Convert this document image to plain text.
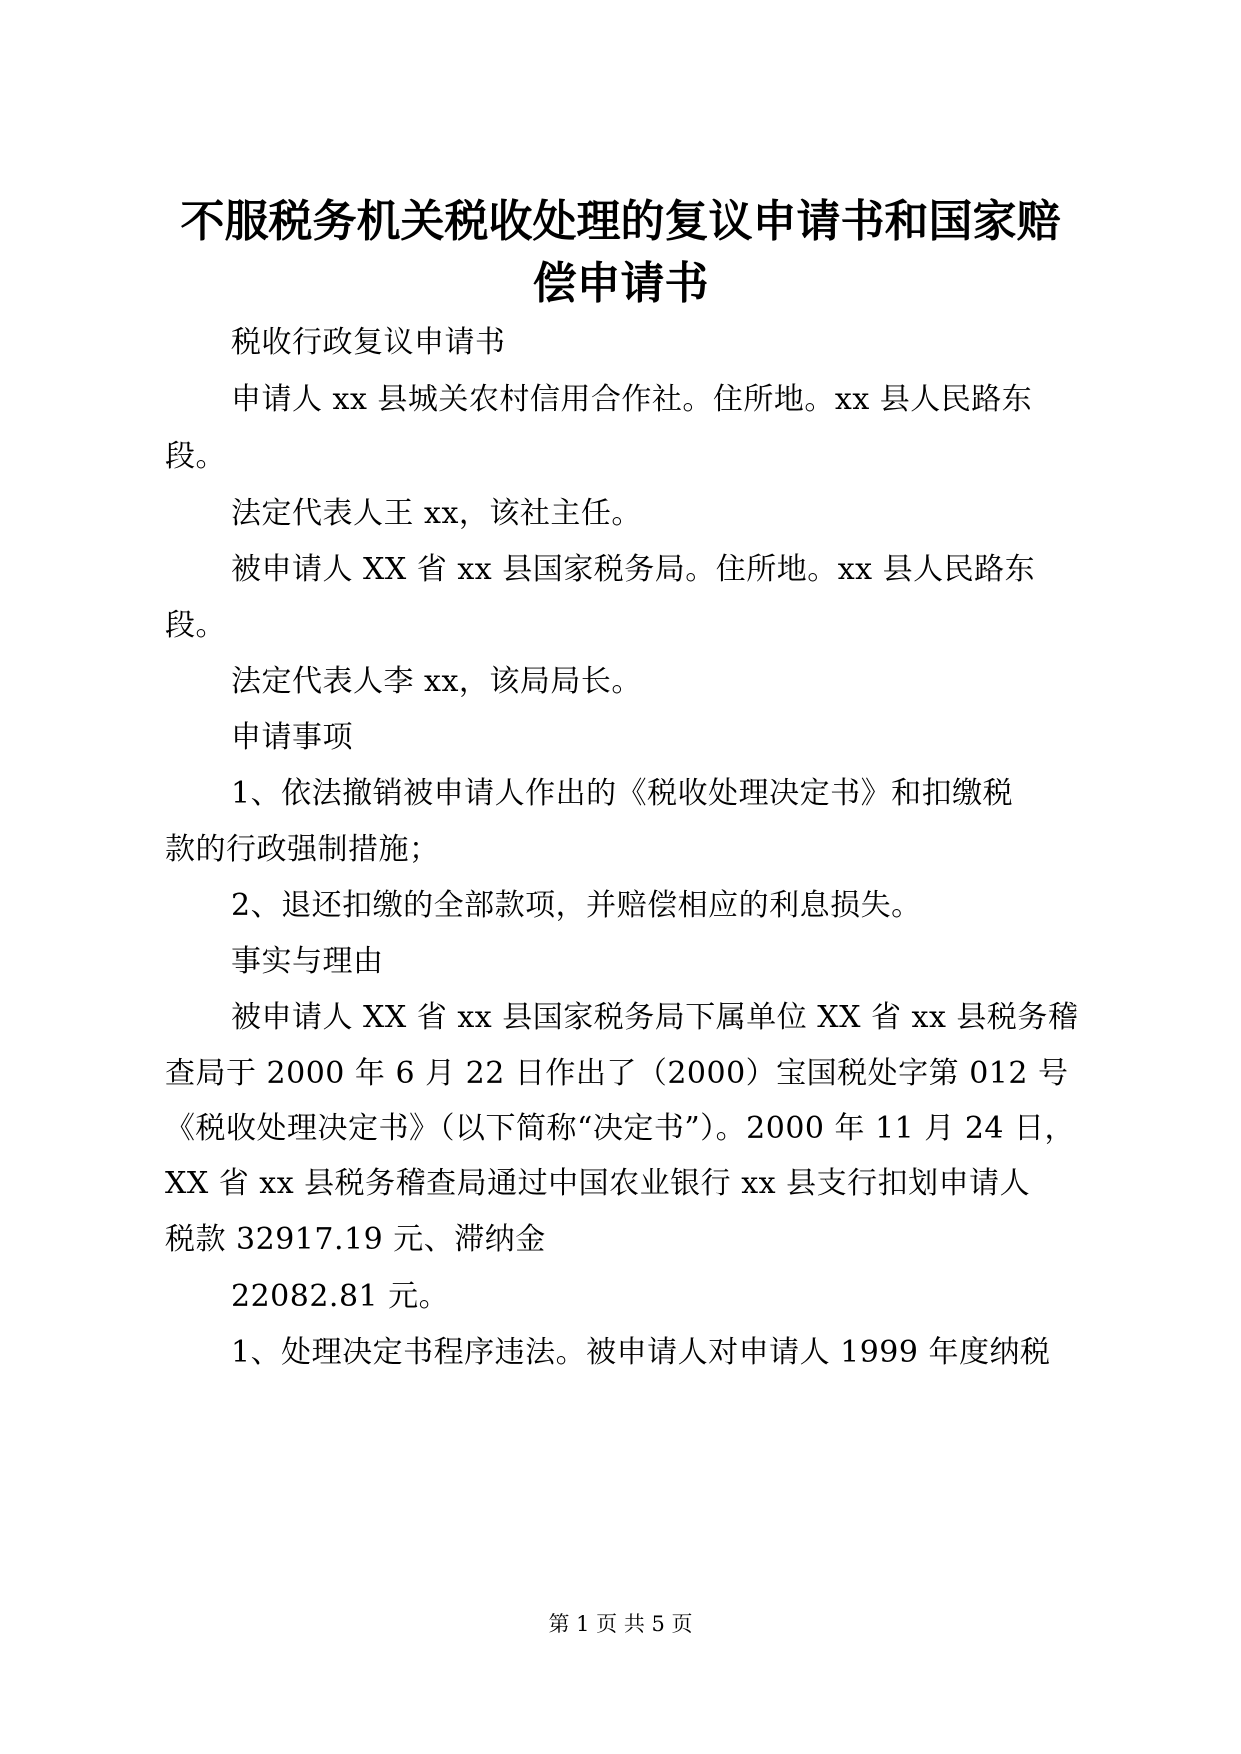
不服税务机关税收处理的复议申请书和国家赔
偿申请书

税收行政复议申请书

申请人 xx 县城关农村信用合作社。住所地。xx 县人民路东

段。

法定代表人王 xx，该社主任。

被申请人 XX 省 xx 县国家税务局。住所地。xx 县人民路东

段。

法定代表人李 xx，该局局长。

申请事项

1、依法撤销被申请人作出的《税收处理决定书》和扣缴税

款的行政强制措施；

2、退还扣缴的全部款项，并赔偿相应的利息损失。

事实与理由

被申请人 XX 省 xx 县国家税务局下属单位 XX 省 xx 县税务稽

查局于 2000 年 6 月 22 日作出了（2000）宝国税处字第 012 号

《税收处理决定书》（以下简称“决定书”）。2000 年 11 月 24 日，

XX 省 xx 县税务稽查局通过中国农业银行 xx 县支行扣划申请人

税款 32917.19 元、滞纳金

22082.81 元。

1、处理决定书程序违法。被申请人对申请人 1999 年度纳税

第 1 页 共 5 页
